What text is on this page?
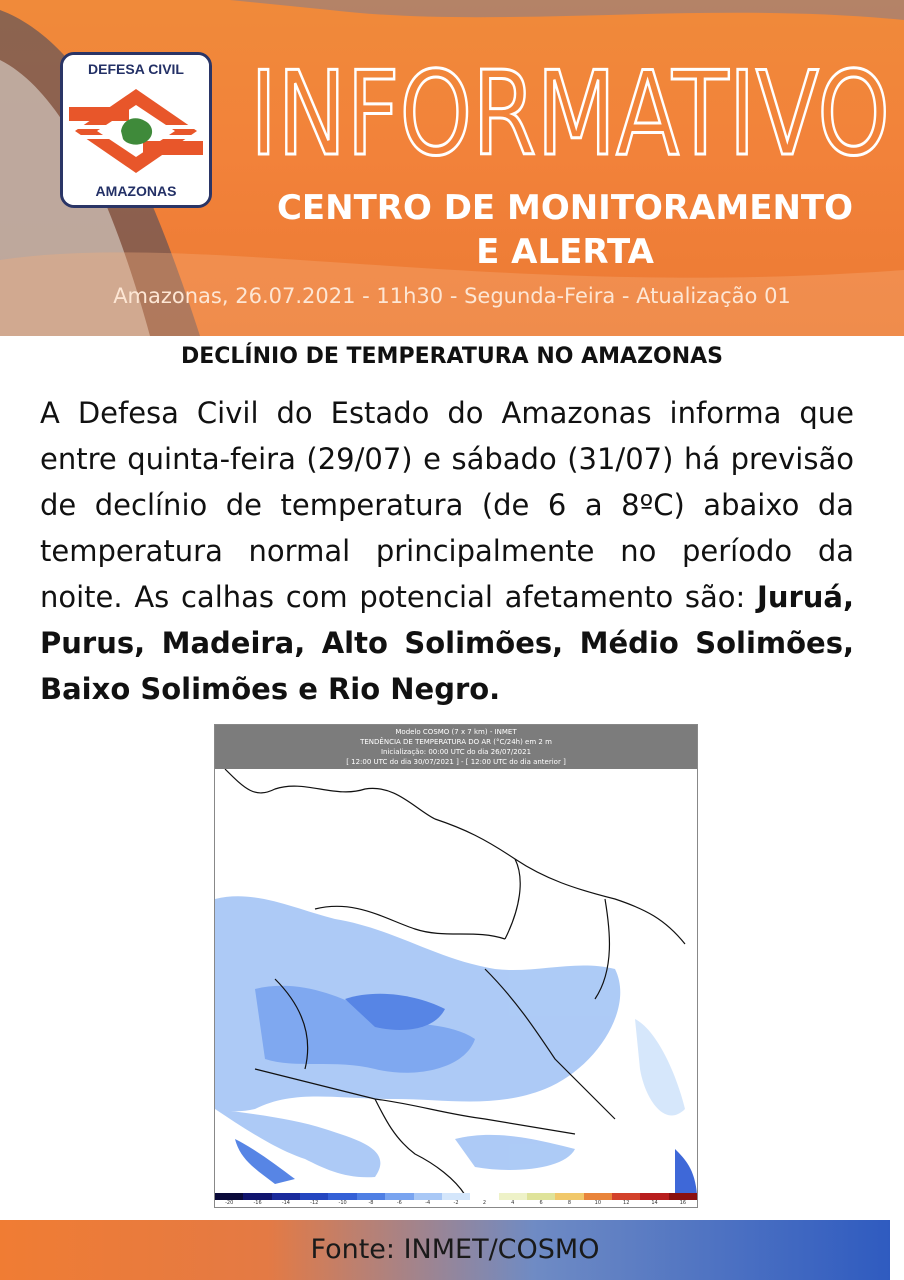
DEFESA CIVIL
AMAZONAS
INFORMATIVO
CENTRO DE MONITORAMENTO
E ALERTA
Amazonas, 26.07.2021 - 11h30 - Segunda-Feira - Atualização 01
DECLÍNIO DE TEMPERATURA NO AMAZONAS
A Defesa Civil do Estado do Amazonas informa que entre quinta-feira (29/07) e sábado (31/07) há previsão de declínio de temperatura (de 6 a 8ºC) abaixo da temperatura normal principalmente no período da noite. As calhas com potencial afetamento são: Juruá, Purus, Madeira, Alto Solimões, Médio Solimões, Baixo Solimões e Rio Negro.
Modelo COSMO (7 x 7 km) - INMET
TENDÊNCIA DE TEMPERATURA DO AR (°C/24h) em 2 m
Inicialização: 00:00 UTC do dia 26/07/2021
[ 12:00 UTC do dia 30/07/2021 ] - [ 12:00 UTC do dia anterior ]
-20	-16	-14	-12	-10	-8	-6	-4	-2	2	4	6	8	10	12	14	16
Fonte: INMET/COSMO
